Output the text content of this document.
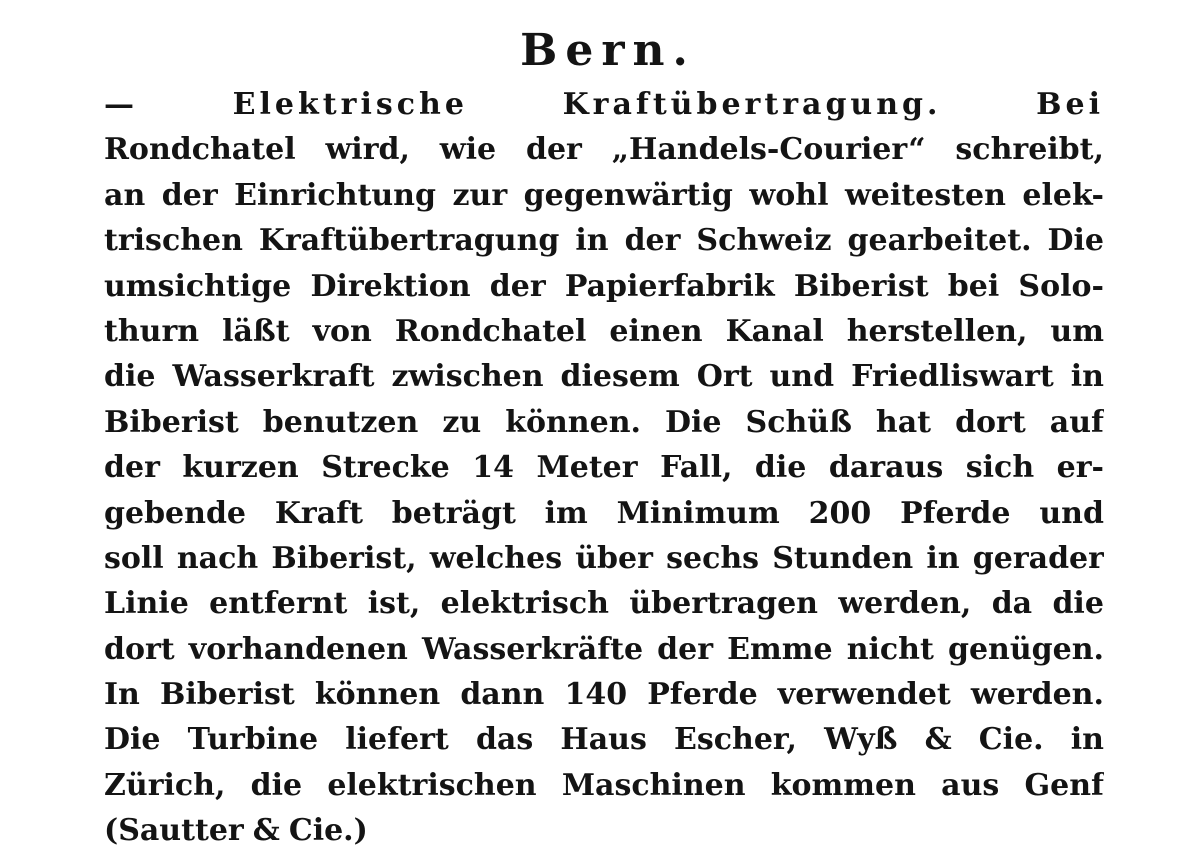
Bern.
—	Elektrische	Kraftübertragung.	Bei
Rondchatel wird, wie der „Handels-Courier“ schreibt,
an der Einrichtung zur gegenwärtig wohl weitesten elek-
trischen Kraftübertragung in der Schweiz gearbeitet. Die
umsichtige Direktion der Papierfabrik Biberist bei Solo-
thurn läßt von Rondchatel einen Kanal herstellen, um
die Wasserkraft zwischen diesem Ort und Friedliswart in
Biberist benutzen zu können. Die Schüß hat dort auf
der kurzen Strecke 14 Meter Fall, die daraus sich er-
gebende Kraft beträgt im Minimum 200 Pferde und
soll nach Biberist, welches über sechs Stunden in gerader
Linie entfernt ist, elektrisch übertragen werden, da die
dort vorhandenen Wasserkräfte der Emme nicht genügen.
In Biberist können dann 140 Pferde verwendet werden.
Die Turbine liefert das Haus Escher, Wyß & Cie. in
Zürich, die elektrischen Maschinen kommen aus Genf
(Sautter & Cie.)
